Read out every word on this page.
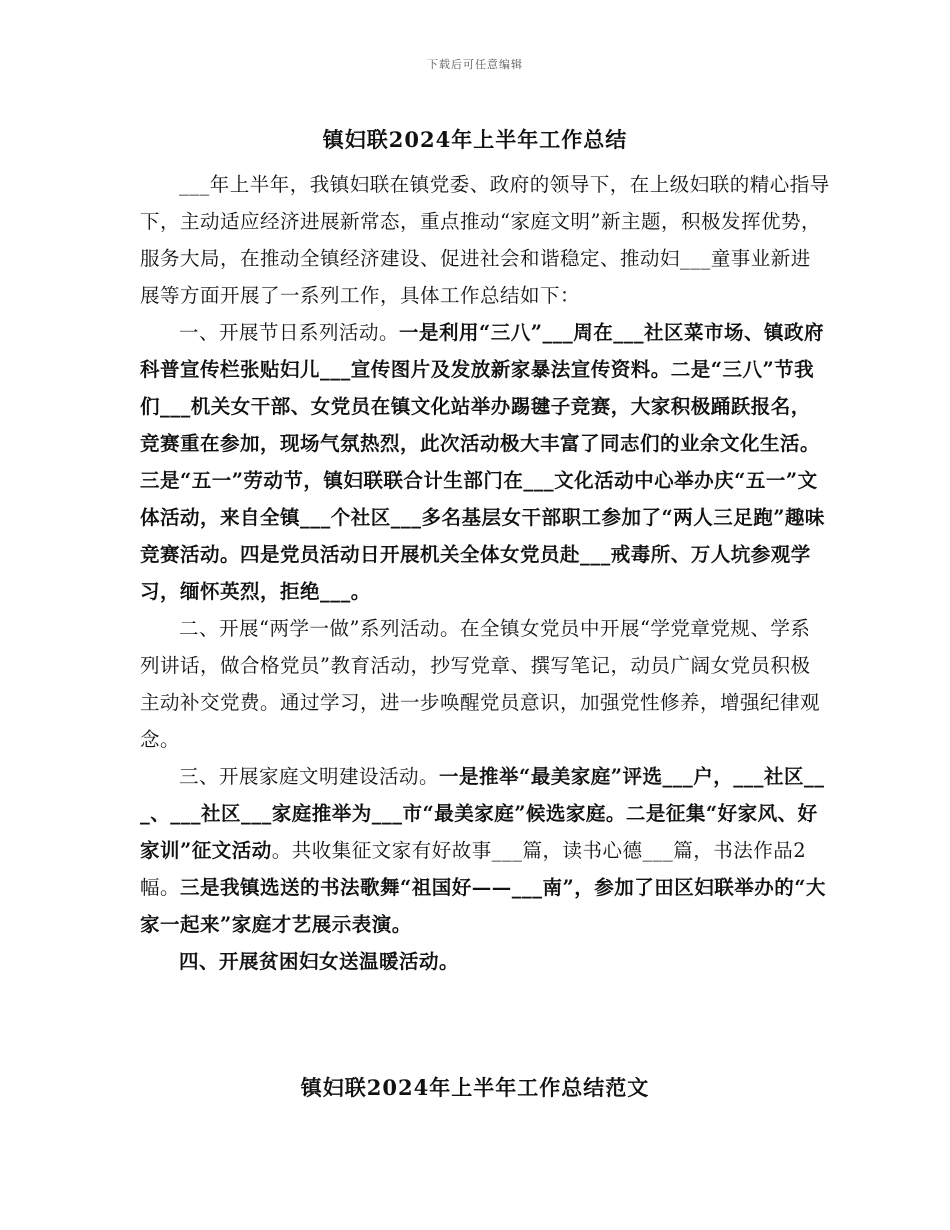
下载后可任意编辑
镇妇联2024年上半年工作总结

___年上半年，我镇妇联在镇党委、政府的领导下，在上级妇联的精心指导下，主动适应经济进展新常态，重点推动“家庭文明”新主题，积极发挥优势，服务大局，在推动全镇经济建设、促进社会和谐稳定、推动妇___童事业新进展等方面开展了一系列工作，具体工作总结如下：

一、开展节日系列活动。一是利用“三八”___周在___社区菜市场、镇政府科普宣传栏张贴妇儿___宣传图片及发放新家暴法宣传资料。二是“三八”节我们___机关女干部、女党员在镇文化站举办踢毽子竞赛，大家积极踊跃报名，竞赛重在参加，现场气氛热烈，此次活动极大丰富了同志们的业余文化生活。三是“五一”劳动节，镇妇联联合计生部门在___文化活动中心举办庆“五一”文体活动，来自全镇___个社区___多名基层女干部职工参加了“两人三足跑”趣味竞赛活动。四是党员活动日开展机关全体女党员赴___戒毒所、万人坑参观学习，缅怀英烈，拒绝___。

二、开展“两学一做”系列活动。在全镇女党员中开展“学党章党规、学系列讲话，做合格党员”教育活动，抄写党章、撰写笔记，动员广阔女党员积极主动补交党费。通过学习，进一步唤醒党员意识，加强党性修养，增强纪律观念。

三、开展家庭文明建设活动。一是推举“最美家庭”评选___户，___社区___、___社区___家庭推举为___市“最美家庭”候选家庭。二是征集“好家风、好家训”征文活动。共收集征文家有好故事___篇，读书心德___篇，书法作品2幅。三是我镇选送的书法歌舞“祖国好——___南”，参加了田区妇联举办的“大家一起来”家庭才艺展示表演。

四、开展贫困妇女送温暖活动。

镇妇联2024年上半年工作总结范文
